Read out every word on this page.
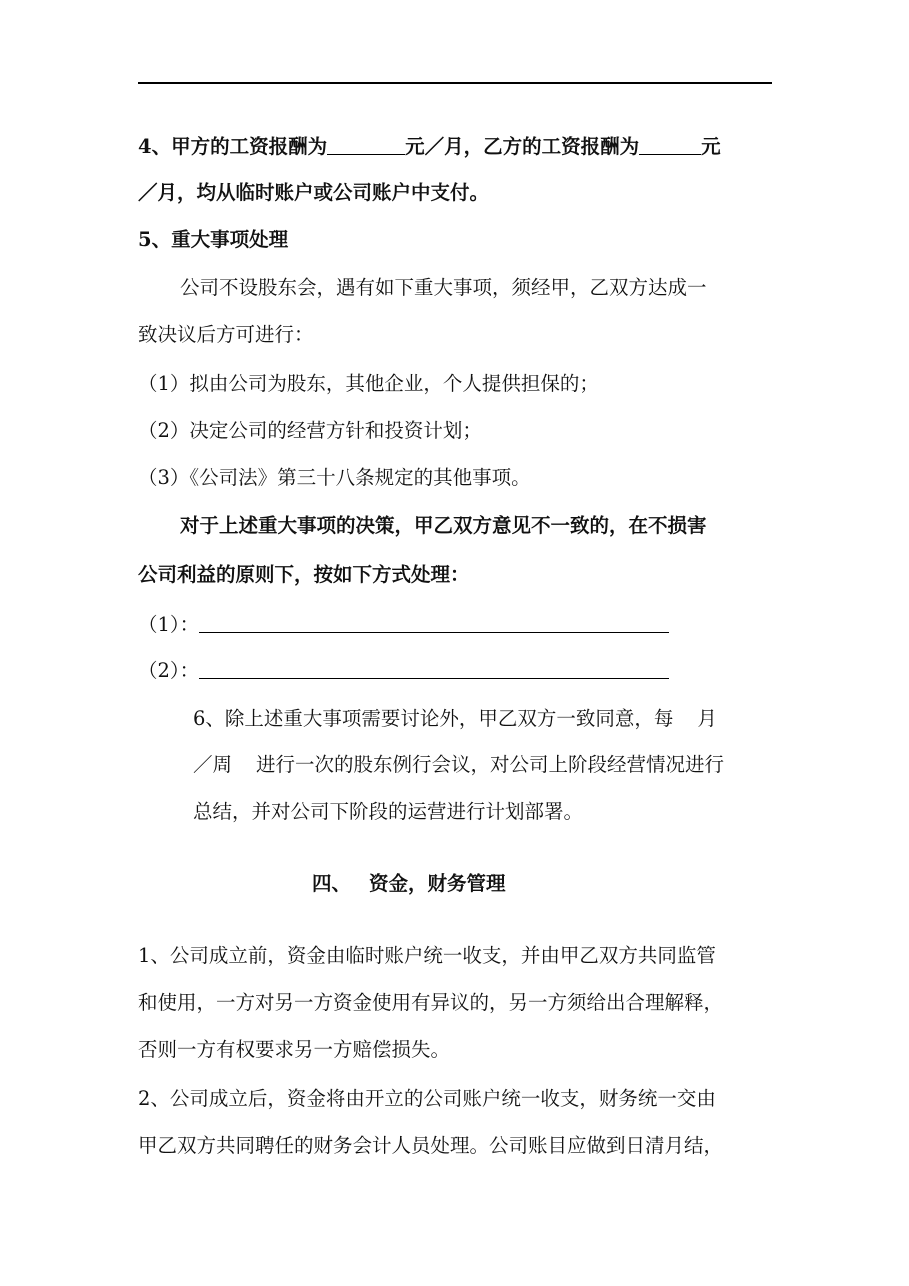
4、甲方的工资报酬为	元／月，乙方的工资报酬为	元
／月，均从临时账户或公司账户中支付。
5、重大事项处理
公司不设股东会，遇有如下重大事项，须经甲，乙双方达成一
致决议后方可进行：
（1）拟由公司为股东，其他企业，个人提供担保的；
（2）决定公司的经营方针和投资计划；
（3）《公司法》第三十八条规定的其他事项。
对于上述重大事项的决策，甲乙双方意见不一致的，在不损害
公司利益的原则下，按如下方式处理：
（1）：
（2）：
6、除上述重大事项需要讨论外，甲乙双方一致同意，每 月
／周 进行一次的股东例行会议，对公司上阶段经营情况进行
总结，并对公司下阶段的运营进行计划部署。
四、 资金，财务管理
1、公司成立前，资金由临时账户统一收支，并由甲乙双方共同监管
和使用，一方对另一方资金使用有异议的，另一方须给出合理解释，
否则一方有权要求另一方赔偿损失。
2、公司成立后，资金将由开立的公司账户统一收支，财务统一交由
甲乙双方共同聘任的财务会计人员处理。公司账目应做到日清月结，
